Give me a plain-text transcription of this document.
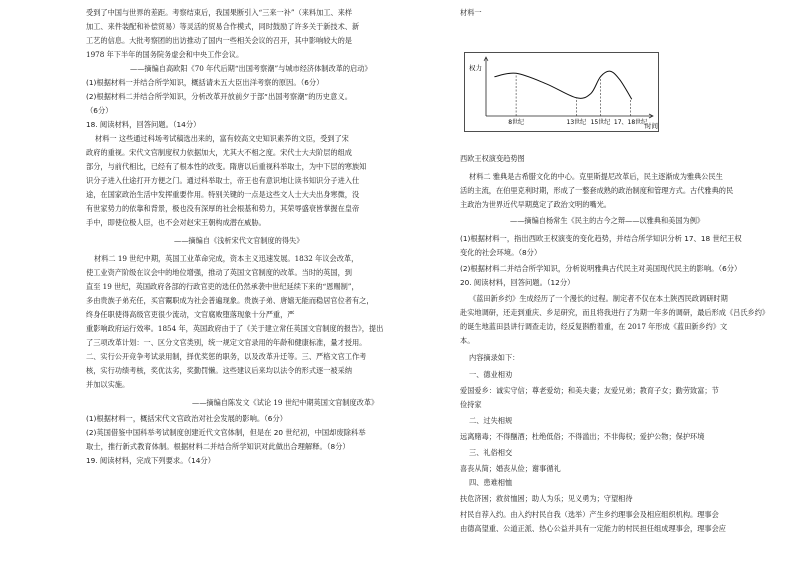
受到了中国与世界的差距。考察结束后，我国果断引入“三来一补”（来料加工、来样
加工、来件装配和补偿贸易）等灵活的贸易合作模式，同时鼓励了许多关于新技术、新
工艺的信息。大批考察团的出访推动了国内一些相关会议的召开，其中影响较大的是
1978 年下半年的国务院务虚会和中央工作会议。
——摘编自高欧阳《70 年代后期“出国考察潮”与城市经济体制改革的启动》
(1)根据材料一并结合所学知识，概括请未五大臣出洋考察的原因。（6分）
(2)根据材料二并结合所学知识，分析改革开放前夕于部“出国考察潮”的历史意义。
（6分）
18. 阅读材料，回答问题。（14分）
材料一 这些通过科场考试稿选出来的，富有较高文史知识素养的文臣，受到了宋
政府的重视。宋代文官制度权力依据加大，尤其大不相之度。宋代士大夫阶层的组成
部分，与前代相比，已经有了根本性的改变。隋唐以后重视科举取士，为中下层的寒族知
识分子进入仕途打开方便之门。通过科举取士，帝王也有意识地让读书知识分子进入仕
途，在国家政治生活中发挥重要作用。特别关键的一点是这些文人士大夫出身寒微，没
有世家势力的依靠和背景，极也没有深厚的社会根基和势力，其荣辱盛衰皆掌握在皇帝
手中，即使位极人臣，也不会对赵宋王朝构成潜在威胁。
——摘编自《浅析宋代文官制度的得失》
材料二 19 世纪中期，英国工业革命完成，资本主义迅速发展。1832 年议会改革，
使工业资产阶级在议会中的地位增强，推动了英国文官制度的改革。当时的英国，到
直至 19 世纪，英国政府各部的行政官吏的选任仍然承袭中世纪延续下来的“恩赐制”，
多由贵族子弟充任，买官鬻职成为社会普遍现象。贵族子弟、唐嬉无能而稳居官位者有之，
终身任职使得高级官吏很少流动，文官腐败堕落现象十分严重，严
重影响政府运行效率。1854 年，英国政府由于了《关于建立常任英国文官制度的报告》，提出
了三项改革计划：一、区分文官类别，统一规定文官录用的年龄和健康标准，量才授用。
二、实行公开竞争考试录用制，择优奖惩的职务，以及改革升迁等。三、严格文官工作考
核，实行功绩考核，奖优汰劣，奖勤罚懒。这些建议后来均以法令的形式逐一被采纳
并加以实施。
——摘编自陈发文《试论 19 世纪中期英国文官制度改革》
(1)根据材料一，概括宋代文官政治对社会发展的影响。（6分）
(2)英国借鉴中国科举考试制度创建近代文官体制，但是在 20 世纪初，中国却废除科举
取士，推行新式教育体制。根据材料二并结合所学知识对此做出合理解释。（8分）
19. 阅读材料，完成下列要求。（14分）
材料一
西欧王权演变趋势图
材料二 雅典是古希腊文化的中心。克里斯提尼改革后，民主逐渐成为雅典公民生
活的主流，在伯里克利时期，形成了一整套成熟的政治制度和管理方式。古代雅典的民
主政治为世界近代早期奠定了政治文明的嘴光。
——摘编自杨常生《民主的古今之辩——以雅典和美国为例》
(1)根据材料一，指出西欧王权演变的变化趋势，并结合所学知识分析 17、18 世纪王权
变化的社会环境。（8分）
(2)根据材料二并结合所学知识，分析说明雅典古代民主对美国现代民主的影响。（6分）
20. 阅读材料，回答问题。（12分）
《蓝田新乡约》生成经历了一个漫长的过程。制定者不仅在本土陕西民政调研时期
赴实地调研，还走到重庆、乡足研究，而且将我进行了为期一年多的调研，最后形成《吕氏乡约》
的诞生地蓝田县讲行调查走访，经反复斟酌着重，在 2017 年形成《蓝田新乡约》文
本。
内容摘录如下：
一、德业相劝
爱国爱乡：诚实守信；尊老爱幼；和美夫妻；友爱兄弟；教育子女；勤劳致富；节
俭持家
二、过失相规
远离赌毒；不得酗酒；杜绝低俗；不得滥出；不非侮权；爱护公物；保护环境
三、礼俗相交
喜丧从简；婚丧从俭；谢事循礼
四、患难相恤
扶危济困；救贫恤困；助人为乐；见义勇为；守望相待
村民自荐入约。由入约村民自我（选举）产生乡约理事会及相应组织机构。理事会
由德高望重、公道正派、热心公益并具有一定能力的村民担任组成理事会，理事会应
权力
时间
8世纪	13世纪 15世纪 17、18世纪
